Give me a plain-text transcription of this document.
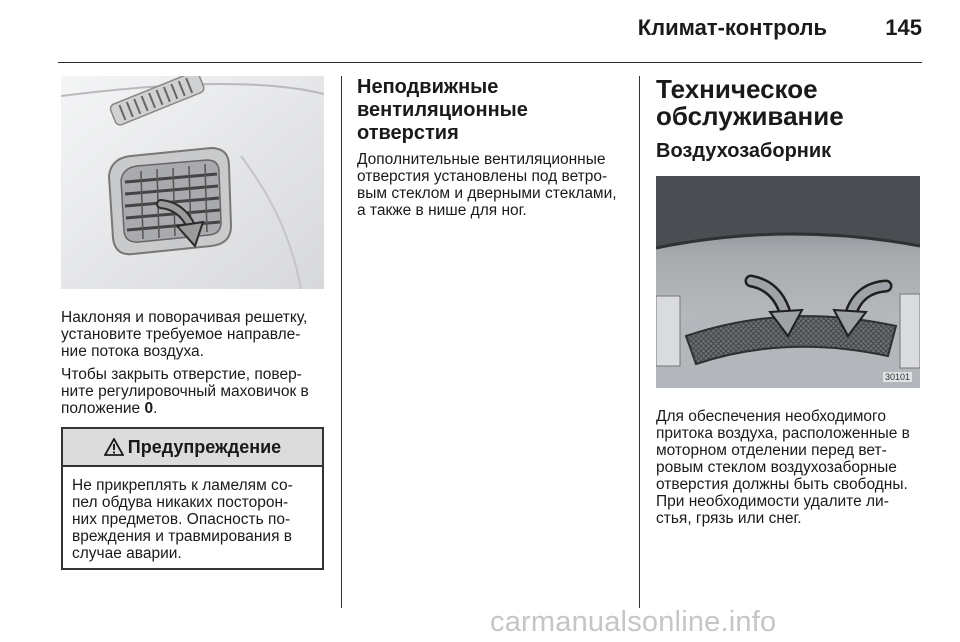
Климат-контроль	145

Наклоняя и поворачивая решетку, установите требуемое направле-ние потока воздуха.

Чтобы закрыть отверстие, повер-ните регулировочный маховичок в положение 0.

Предупреждение

Не прикреплять к ламелям со-пел обдува никаких посторон-них предметов. Опасность по-вреждения и травмирования в случае аварии.

Неподвижные вентиляционные отверстия

Дополнительные вентиляционные отверстия установлены под ветро-вым стеклом и дверными стеклами, а также в нише для ног.

Техническое обслуживание
Воздухозаборник
30101

Для обеспечения необходимого притока воздуха, расположенные в моторном отделении перед вет-ровым стеклом воздухозаборные отверстия должны быть свободны. При необходимости удалите ли-стья, грязь или снег.

carmanualsonline.info
